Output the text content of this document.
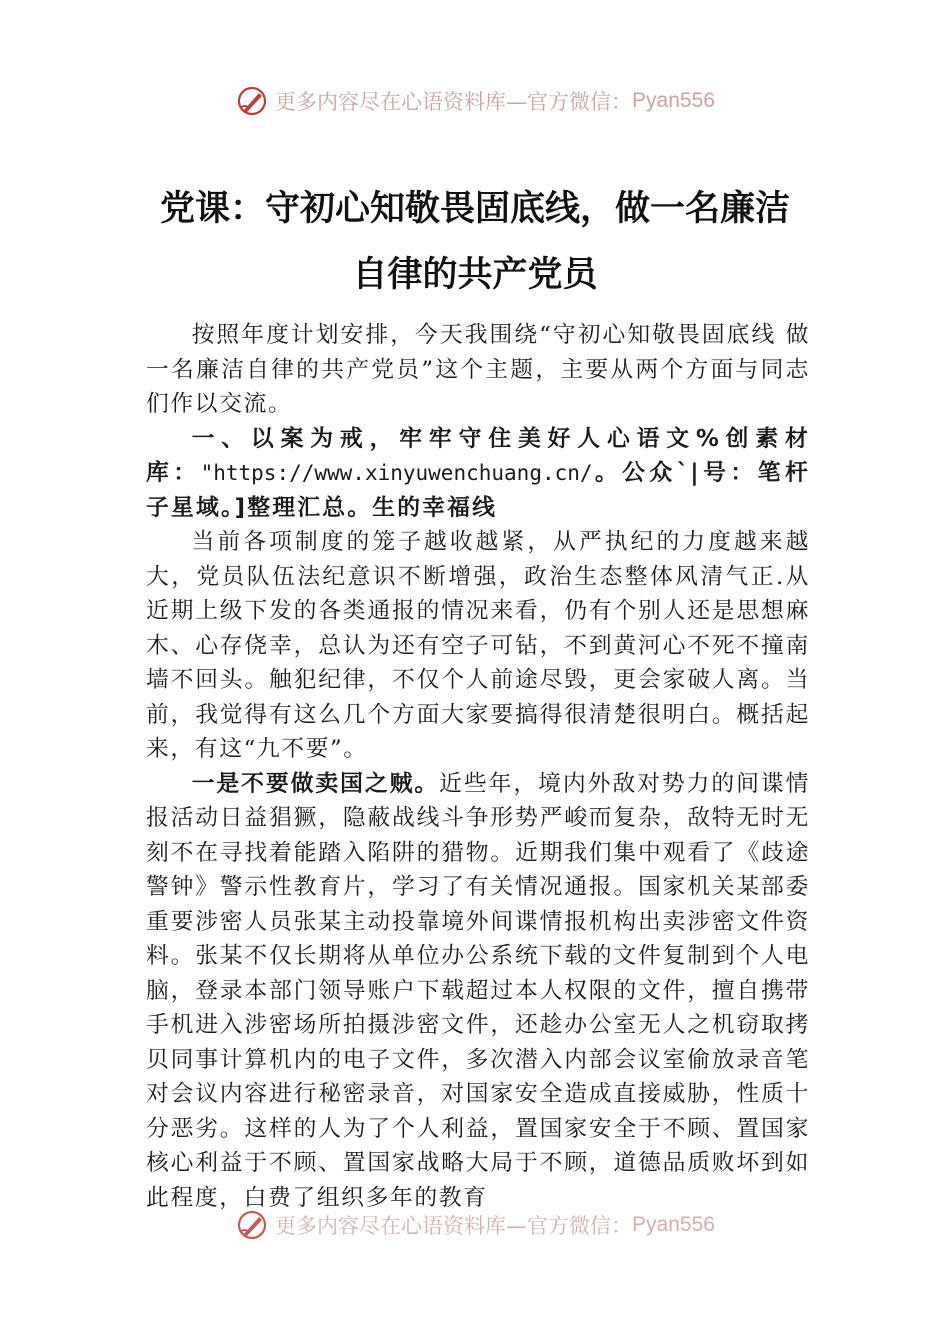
更多内容尽在心语资料库—官方微信： Pyan556
党课：守初心知敬畏固底线，做一名廉洁
自律的共产党员

按照年度计划安排，今天我围绕“守初心知敬畏固底线 做一名廉洁自律的共产党员”这个主题，主要从两个方面与同志们作以交流。

一、以案为戒，牢牢守住美好人心语文%创素材库："https://www.xinyuwenchuang.cn/。公众`|号：笔杆子星域。]整理汇总。生的幸福线

当前各项制度的笼子越收越紧，从严执纪的力度越来越大，党员队伍法纪意识不断增强，政治生态整体风清气正.从近期上级下发的各类通报的情况来看，仍有个别人还是思想麻木、心存侥幸，总认为还有空子可钻，不到黄河心不死不撞南墙不回头。触犯纪律，不仅个人前途尽毁，更会家破人离。当前，我觉得有这么几个方面大家要搞得很清楚很明白。概括起来，有这“九不要”。

一是不要做卖国之贼。近些年，境内外敌对势力的间谍情报活动日益猖獗，隐蔽战线斗争形势严峻而复杂，敌特无时无刻不在寻找着能踏入陷阱的猎物。近期我们集中观看了《歧途警钟》警示性教育片，学习了有关情况通报。国家机关某部委重要涉密人员张某主动投靠境外间谍情报机构出卖涉密文件资料。张某不仅长期将从单位办公系统下载的文件复制到个人电脑，登录本部门领导账户下载超过本人权限的文件，擅自携带手机进入涉密场所拍摄涉密文件，还趁办公室无人之机窃取拷贝同事计算机内的电子文件，多次潜入内部会议室偷放录音笔对会议内容进行秘密录音，对国家安全造成直接威胁，性质十分恶劣。这样的人为了个人利益，置国家安全于不顾、置国家核心利益于不顾、置国家战略大局于不顾，道德品质败坏到如此程度，白费了组织多年的教育

更多内容尽在心语资料库—官方微信： Pyan556
